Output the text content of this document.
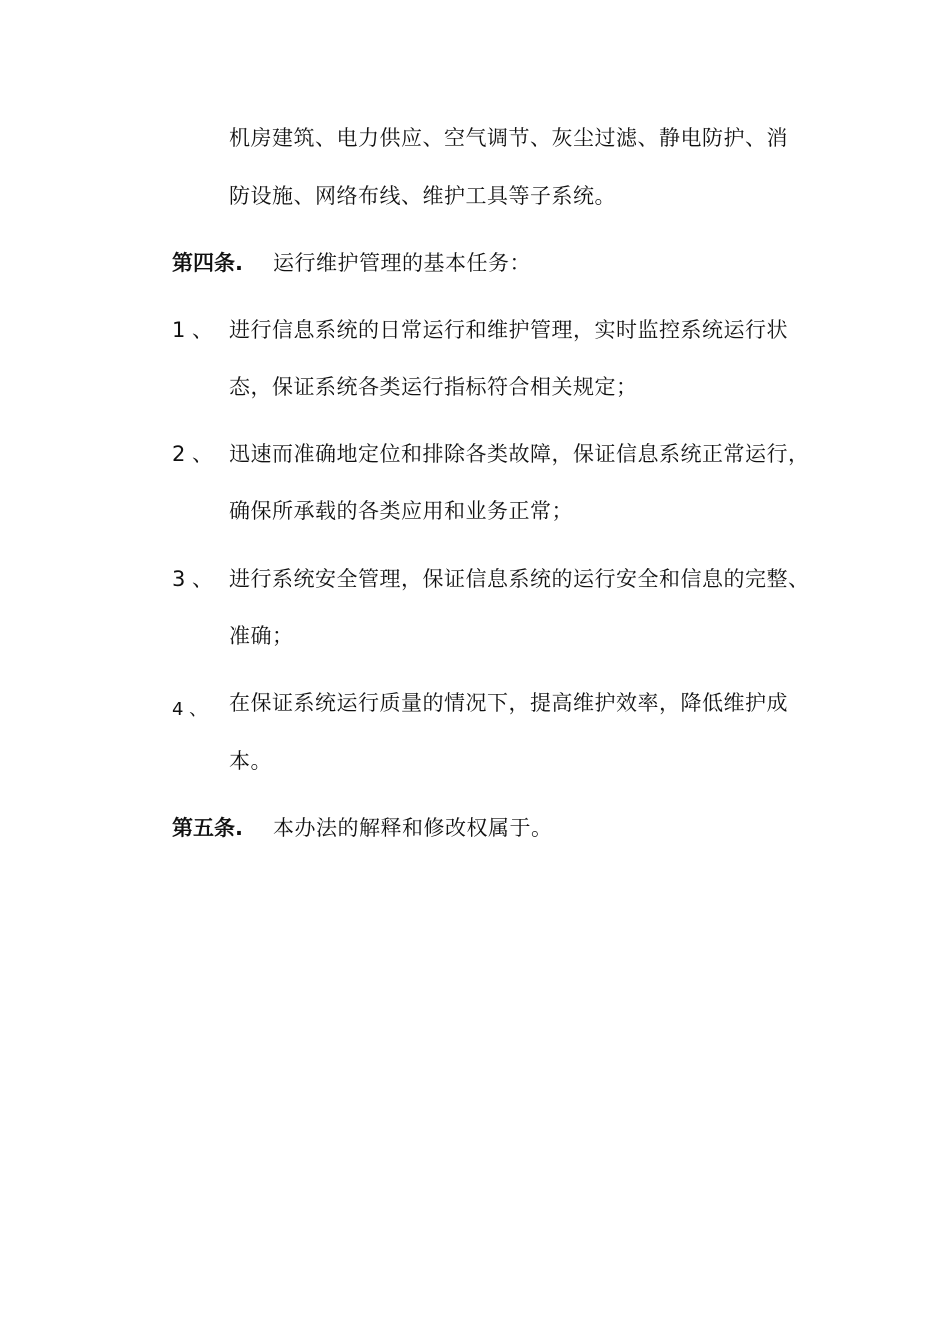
机房建筑、电力供应、空气调节、灰尘过滤、静电防护、消
防设施、网络布线、维护工具等子系统。
第四条. 运行维护管理的基本任务：
1 、 进行信息系统的日常运行和维护管理，实时监控系统运行状
态，保证系统各类运行指标符合相关规定；
2 、 迅速而准确地定位和排除各类故障，保证信息系统正常运行，
确保所承载的各类应用和业务正常；
3 、 进行系统安全管理，保证信息系统的运行安全和信息的完整、
准确；
4 、 在保证系统运行质量的情况下，提高维护效率，降低维护成
本。
第五条. 本办法的解释和修改权属于。
